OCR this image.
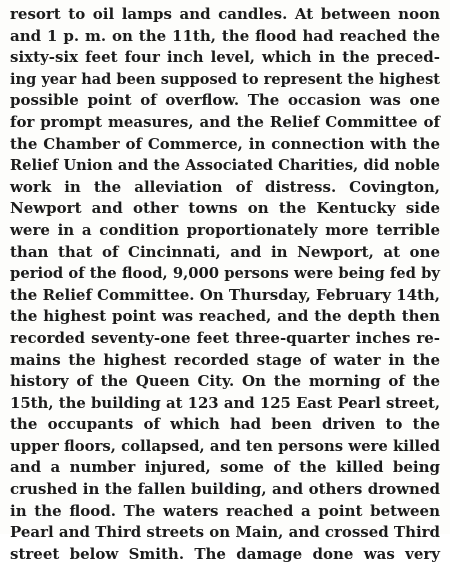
resort to oil lamps and candles. At between noon
and 1 p. m. on the 11th, the flood had reached the
sixty-six feet four inch level, which in the preced-
ing year had been supposed to represent the highest
possible point of overflow. The occasion was one
for prompt measures, and the Relief Committee of
the Chamber of Commerce, in connection with the
Relief Union and the Associated Charities, did noble
work in the alleviation of distress. Covington,
Newport and other towns on the Kentucky side
were in a condition proportionately more terrible
than that of Cincinnati, and in Newport, at one
period of the flood, 9,000 persons were being fed by
the Relief Committee. On Thursday, February 14th,
the highest point was reached, and the depth then
recorded seventy-one feet three-quarter inches re-
mains the highest recorded stage of water in the
history of the Queen City. On the morning of the
15th, the building at 123 and 125 East Pearl street,
the occupants of which had been driven to the
upper floors, collapsed, and ten persons were killed
and a number injured, some of the killed being
crushed in the fallen building, and others drowned
in the flood. The waters reached a point between
Pearl and Third streets on Main, and crossed Third
street below Smith. The damage done was very
